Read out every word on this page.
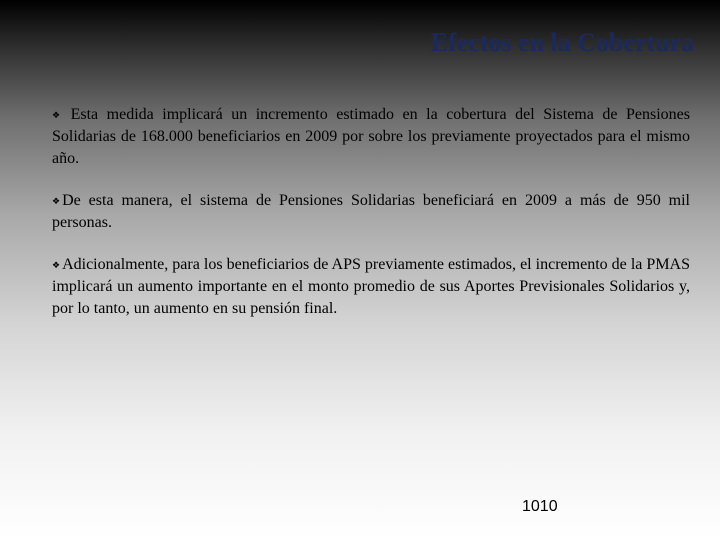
Efectos en la Cobertura
❖ Esta medida implicará un incremento estimado en la cobertura del Sistema de Pensiones Solidarias de 168.000 beneficiarios en 2009 por sobre los previamente proyectados para el mismo año.
❖ De esta manera, el sistema de Pensiones Solidarias beneficiará en 2009 a más de 950 mil personas.
❖ Adicionalmente, para los beneficiarios de APS previamente estimados, el incremento de la PMAS implicará un aumento importante en el monto promedio de sus Aportes Previsionales Solidarios y, por lo tanto, un aumento en su pensión final.
1010
